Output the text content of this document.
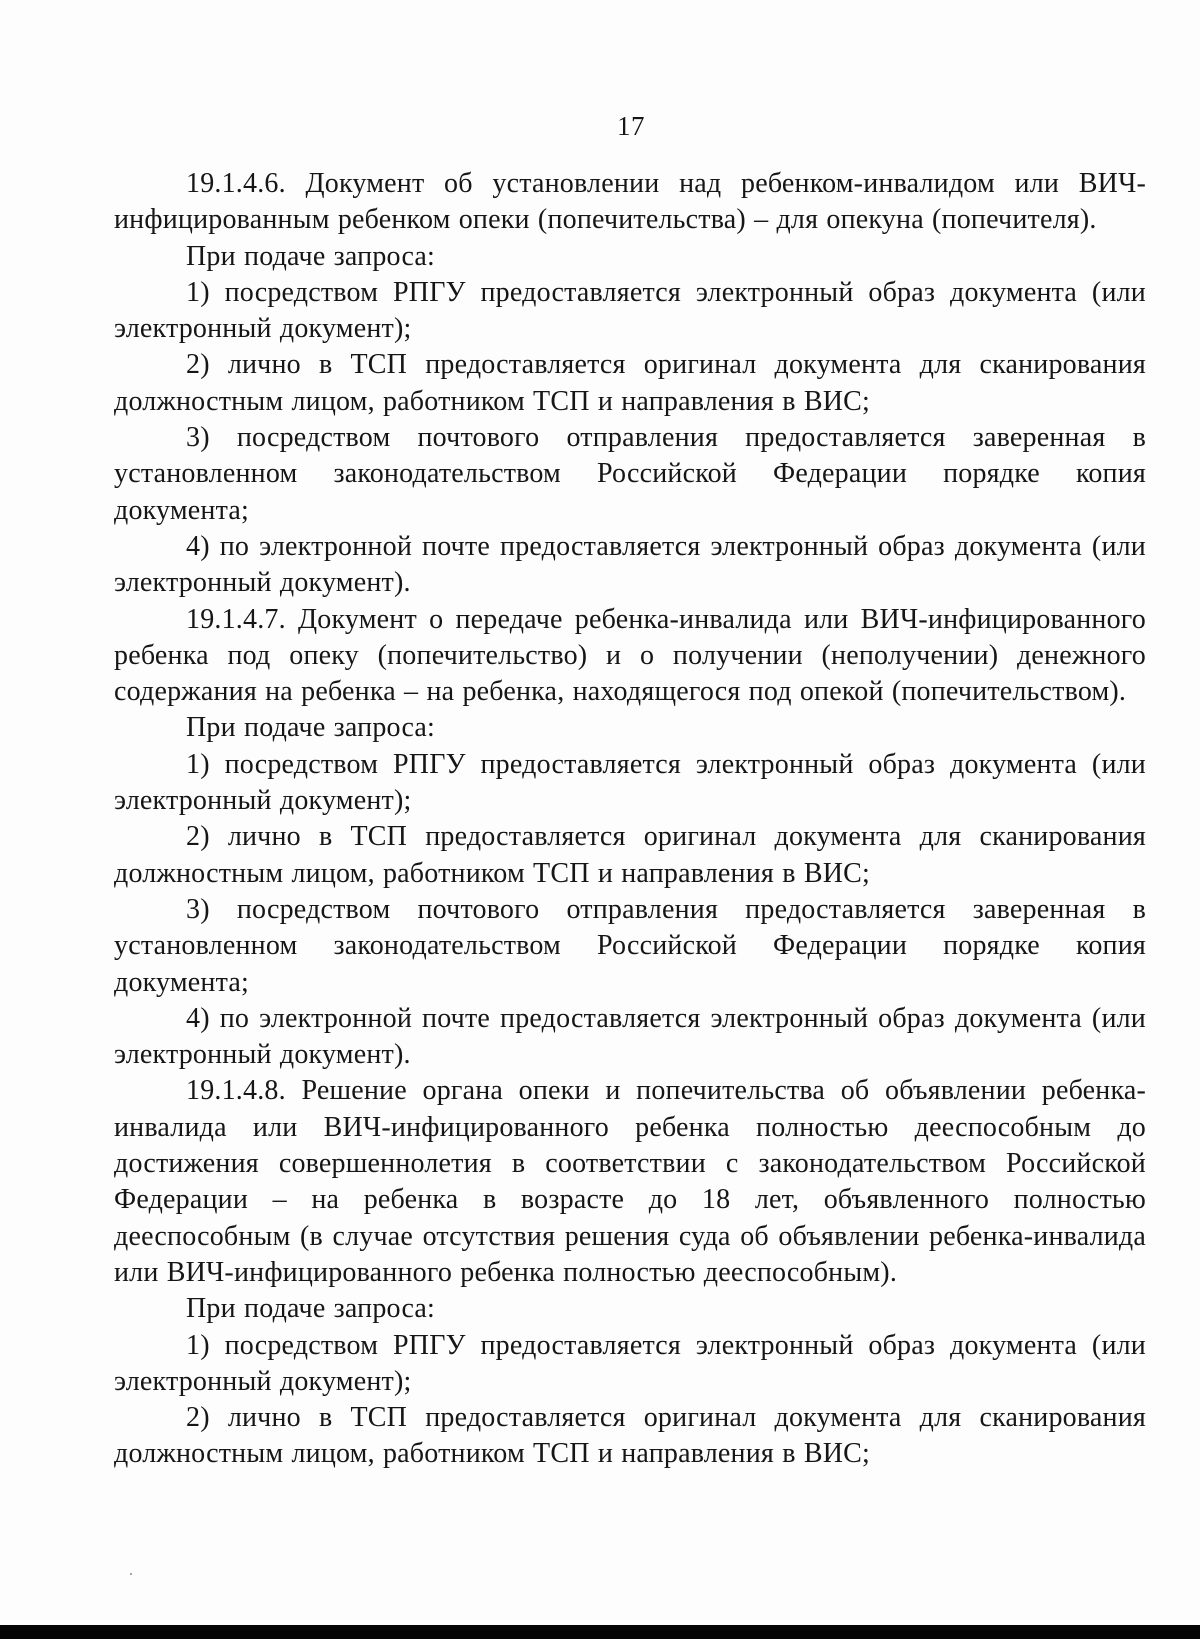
17

19.1.4.6. Документ об установлении над ребенком-инвалидом или ВИЧ-инфицированным ребенком опеки (попечительства) – для опекуна (попечителя).

При подаче запроса:

1) посредством РПГУ предоставляется электронный образ документа (или электронный документ);

2) лично в ТСП предоставляется оригинал документа для сканирования должностным лицом, работником ТСП и направления в ВИС;

3) посредством почтового отправления предоставляется заверенная в установленном законодательством Российской Федерации порядке копия документа;

4) по электронной почте предоставляется электронный образ документа (или электронный документ).

19.1.4.7. Документ о передаче ребенка-инвалида или ВИЧ-инфицированного ребенка под опеку (попечительство) и о получении (неполучении) денежного содержания на ребенка – на ребенка, находящегося под опекой (попечительством).

При подаче запроса:

1) посредством РПГУ предоставляется электронный образ документа (или электронный документ);

2) лично в ТСП предоставляется оригинал документа для сканирования должностным лицом, работником ТСП и направления в ВИС;

3) посредством почтового отправления предоставляется заверенная в установленном законодательством Российской Федерации порядке копия документа;

4) по электронной почте предоставляется электронный образ документа (или электронный документ).

19.1.4.8. Решение органа опеки и попечительства об объявлении ребенка-инвалида или ВИЧ-инфицированного ребенка полностью дееспособным до достижения совершеннолетия в соответствии с законодательством Российской Федерации – на ребенка в возрасте до 18 лет, объявленного полностью дееспособным (в случае отсутствия решения суда об объявлении ребенка-инвалида или ВИЧ-инфицированного ребенка полностью дееспособным).

При подаче запроса:

1) посредством РПГУ предоставляется электронный образ документа (или электронный документ);

2) лично в ТСП предоставляется оригинал документа для сканирования должностным лицом, работником ТСП и направления в ВИС;
